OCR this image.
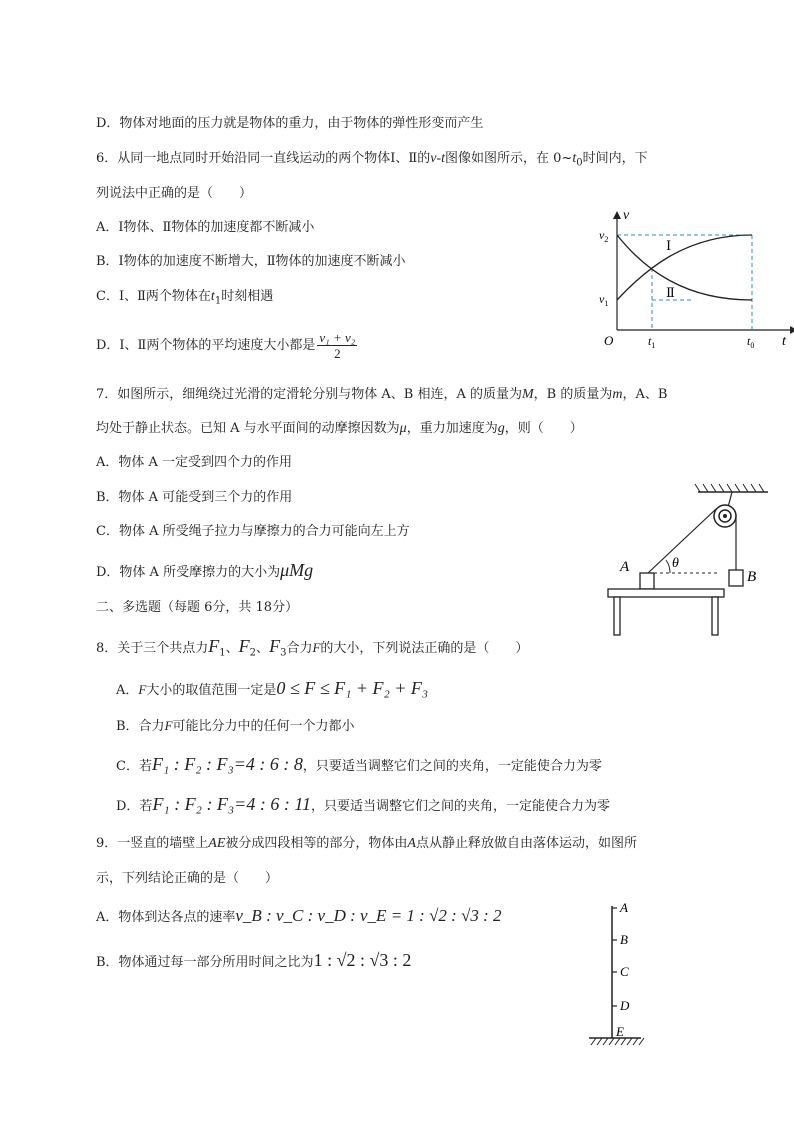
D．物体对地面的压力就是物体的重力，由于物体的弹性形变而产生
6．从同一地点同时开始沿同一直线运动的两个物体Ⅰ、Ⅱ的v-t图像如图所示，在 $0\sim t_0$时间内，下
列说法中正确的是（　　）
A．Ⅰ物体、Ⅱ物体的加速度都不断减小
B．Ⅰ物体的加速度不断增大，Ⅱ物体的加速度不断减小
C．Ⅰ、Ⅱ两个物体在$t_1$时刻相遇
D．Ⅰ、Ⅱ两个物体的平均速度大小都是 $\frac{\text{v₁ + v₂}}{2}$
v
t
O
$v_2$
$v_1$
$t_1$	$t_0$
Ⅰ
Ⅱ
7．如图所示，细绳绕过光滑的定滑轮分别与物体 A、B 相连，A 的质量为M，B 的质量为m，A、B
均处于静止状态。已知 A 与水平面间的动摩擦因数为μ，重力加速度为g，则（　　）
A．物体 A 一定受到四个力的作用
B．物体 A 可能受到三个力的作用
C．物体 A 所受绳子拉力与摩擦力的合力可能向左上方
D．物体 A 所受摩擦力的大小为μMg	A
B
θ
二、多选题（每题 6分，共 18分）
8．关于三个共点力$F_1$、$F_2$、$F_3$合力F的大小，下列说法正确的是（　　）
A．F大小的取值范围一定是0 ≤ F ≤ F₁ + F₂ + F₃
B．合力F可能比分力中的任何一个力都小
C．若F₁ : F₂ : F₃=4 : 6 : 8，只要适当调整它们之间的夹角，一定能使合力为零
D．若F₁ : F₂ : F₃=4 : 6 : 11，只要适当调整它们之间的夹角，一定能使合力为零
9．一竖直的墙壁上AE被分成四段相等的部分，物体由A点从静止释放做自由落体运动，如图所
示，下列结论正确的是（　　）
A．物体到达各点的速率v_B : v_C : v_D : v_E = 1 : √2 : √3 : 2
B．物体通过每一部分所用时间之比为1 : √2 : √3 : 2
A
B
C
D
E
